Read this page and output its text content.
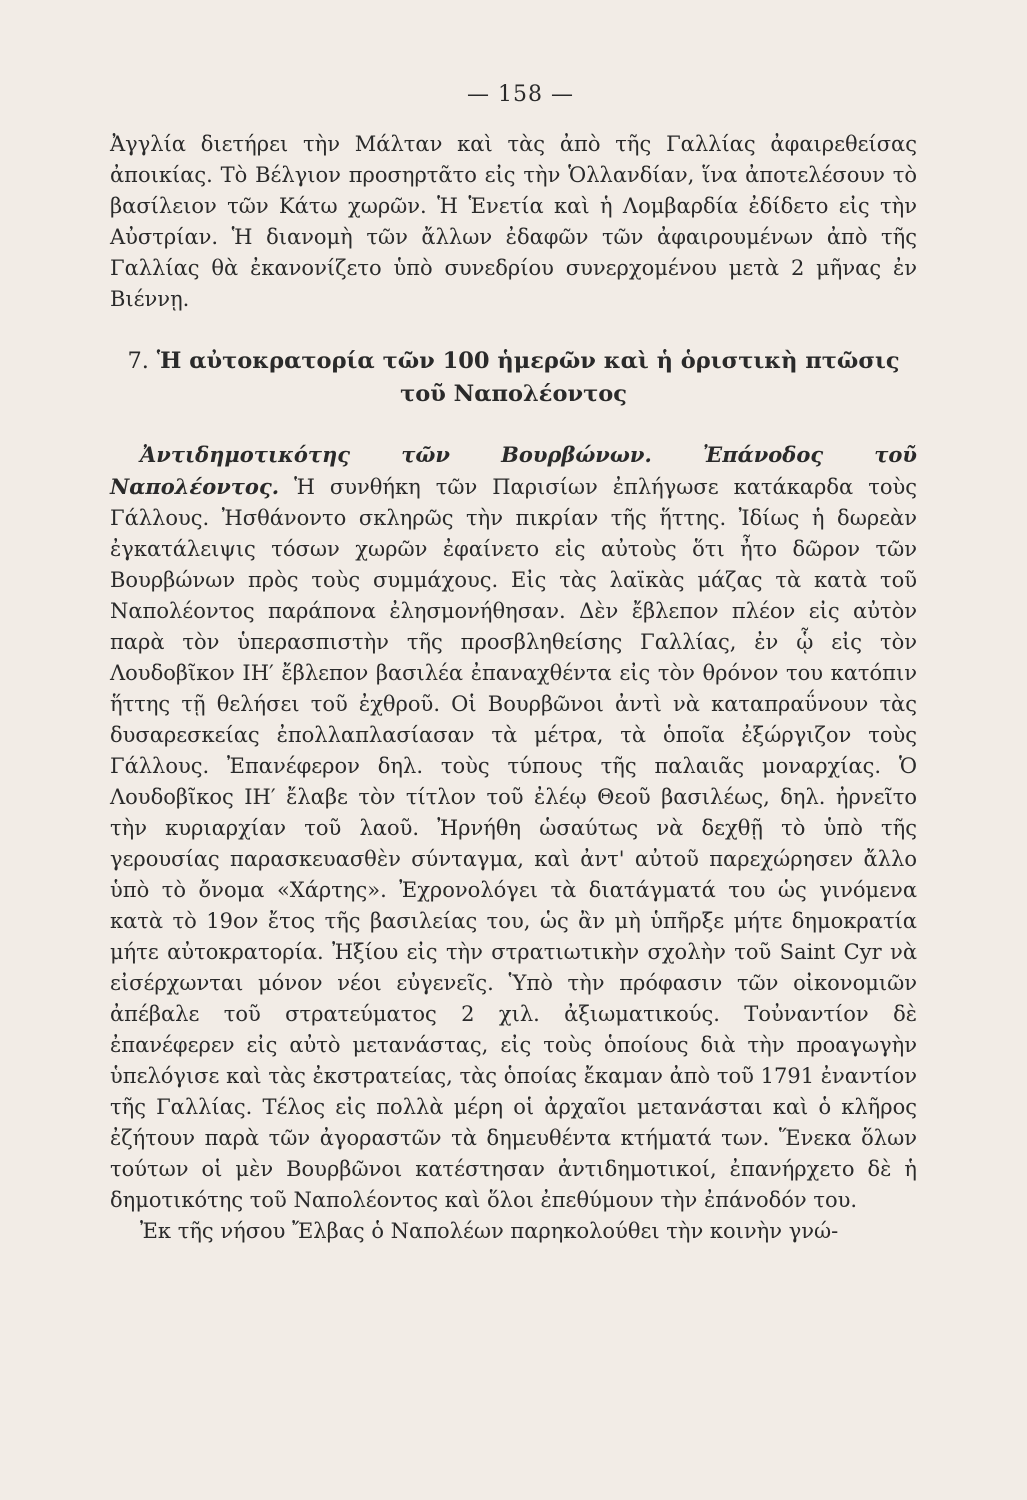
— 158 —

Ἀγγλία διετήρει τὴν Μάλταν καὶ τὰς ἀπὸ τῆς Γαλλίας ἀφαιρεθείσας ἀποικίας. Τὸ Βέλγιον προσηρτᾶτο εἰς τὴν Ὁλλανδίαν, ἵνα ἀποτελέσουν τὸ βασίλειον τῶν Κάτω χωρῶν. Ἡ Ἑνετία καὶ ἡ Λομβαρδία ἐδίδετο εἰς τὴν Αὐστρίαν. Ἡ διανομὴ τῶν ἄλλων ἐδαφῶν τῶν ἀφαιρουμένων ἀπὸ τῆς Γαλλίας θὰ ἐκανονίζετο ὑπὸ συνεδρίου συνερχομένου μετὰ 2 μῆνας ἐν Βιέννῃ.

7. Ἡ αὐτοκρατορία τῶν 100 ἡμερῶν καὶ ἡ ὁριστικὴ πτῶσις τοῦ Ναπολέοντος

Ἀντιδημοτικότης τῶν Βουρβώνων. Ἐπάνοδος τοῦ Ναπολέοντος. Ἡ συνθήκη τῶν Παρισίων ἐπλήγωσε κατάκαρδα τοὺς Γάλλους. Ἠσθάνοντο σκληρῶς τὴν πικρίαν τῆς ἥττης. Ἰδίως ἡ δωρεὰν ἐγκατάλειψις τόσων χωρῶν ἐφαίνετο εἰς αὐτοὺς ὅτι ἦτο δῶρον τῶν Βουρβώνων πρὸς τοὺς συμμάχους. Εἰς τὰς λαϊκὰς μάζας τὰ κατὰ τοῦ Ναπολέοντος παράπονα ἐλησμονήθησαν. Δὲν ἔβλεπον πλέον εἰς αὐτὸν παρὰ τὸν ὑπερασπιστὴν τῆς προσβληθείσης Γαλλίας, ἐν ᾧ εἰς τὸν Λουδοβῖκον ΙΗ′ ἔβλεπον βασιλέα ἐπαναχθέντα εἰς τὸν θρόνον του κατόπιν ἥττης τῇ θελήσει τοῦ ἐχθροῦ. Οἱ Βουρβῶνοι ἀντὶ νὰ καταπραΰνουν τὰς δυσαρεσκείας ἐπολλαπλασίασαν τὰ μέτρα, τὰ ὁποῖα ἐξώργιζον τοὺς Γάλλους. Ἐπανέφερον δηλ. τοὺς τύπους τῆς παλαιᾶς μοναρχίας. Ὁ Λουδοβῖκος ΙΗ′ ἔλαβε τὸν τίτλον τοῦ ἐλέῳ Θεοῦ βασιλέως, δηλ. ἠρνεῖτο τὴν κυριαρχίαν τοῦ λαοῦ. Ἠρνήθη ὡσαύτως νὰ δεχθῇ τὸ ὑπὸ τῆς γερουσίας παρασκευασθὲν σύνταγμα, καὶ ἀντ' αὐτοῦ παρεχώρησεν ἄλλο ὑπὸ τὸ ὄνομα «Χάρτης». Ἐχρονολόγει τὰ διατάγματά του ὡς γινόμενα κατὰ τὸ 19ον ἔτος τῆς βασιλείας του, ὡς ἂν μὴ ὑπῆρξε μήτε δημοκρατία μήτε αὐτοκρατορία. Ἠξίου εἰς τὴν στρατιωτικὴν σχολὴν τοῦ Saint Cyr νὰ εἰσέρχωνται μόνον νέοι εὐγενεῖς. Ὑπὸ τὴν πρόφασιν τῶν οἰκονομιῶν ἀπέβαλε τοῦ στρατεύματος 2 χιλ. ἀξιωματικούς. Τοὐναντίον δὲ ἐπανέφερεν εἰς αὐτὸ μετανάστας, εἰς τοὺς ὁποίους διὰ τὴν προαγωγὴν ὑπελόγισε καὶ τὰς ἐκστρατείας, τὰς ὁποίας ἔκαμαν ἀπὸ τοῦ 1791 ἐναντίον τῆς Γαλλίας. Τέλος εἰς πολλὰ μέρη οἱ ἀρχαῖοι μετανάσται καὶ ὁ κλῆρος ἐζήτουν παρὰ τῶν ἀγοραστῶν τὰ δημευθέντα κτήματά των. Ἕνεκα ὅλων τούτων οἱ μὲν Βουρβῶνοι κατέστησαν ἀντιδημοτικοί, ἐπανήρχετο δὲ ἡ δημοτικότης τοῦ Ναπολέοντος καὶ ὅλοι ἐπεθύμουν τὴν ἐπάνοδόν του.

Ἐκ τῆς νήσου Ἔλβας ὁ Ναπολέων παρηκολούθει τὴν κοινὴν γνώ-
